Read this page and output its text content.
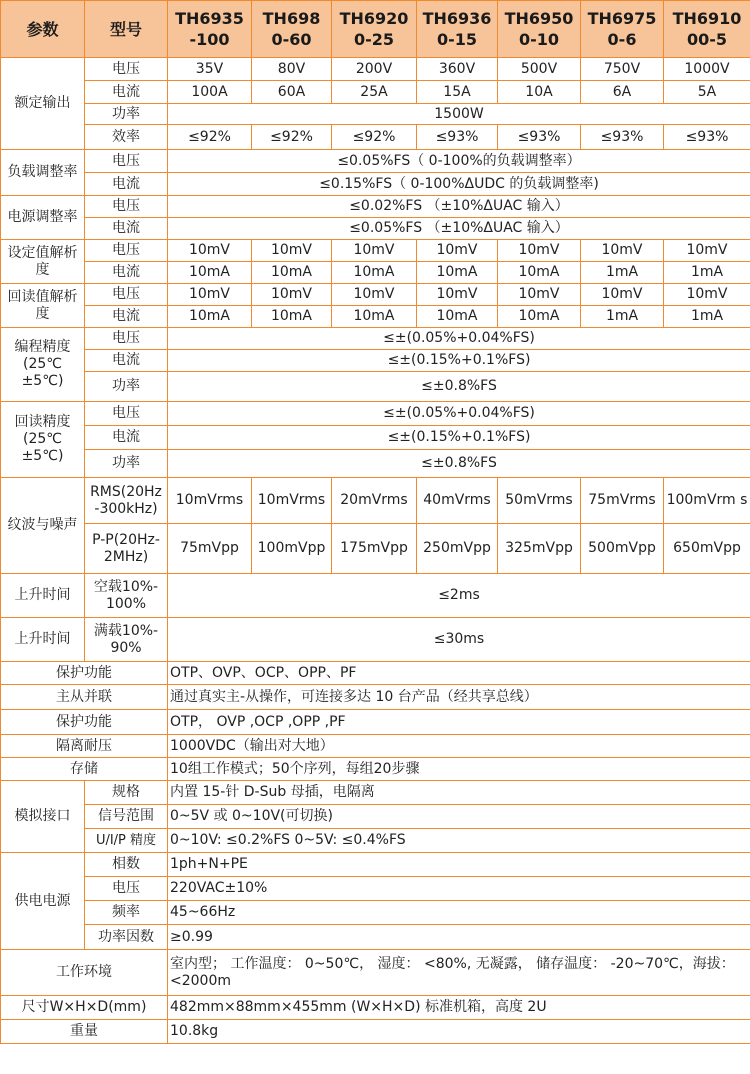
参数	型号	TH6935 -100	TH698 0-60	TH6920 0-25	TH6936 0-15	TH6950 0-10	TH6975 0-6	TH6910 00-5
额定输出	电压	35V	80V	200V	360V	500V	750V	1000V
	电流	100A	60A	25A	15A	10A	6A	5A
	功率	1500W						
	效率	≤92%	≤92%	≤92%	≤93%	≤93%	≤93%	≤93%
负载调整率	电压	≤0.05%FS（ 0-100%的负载调整率）						
	电流	≤0.15%FS（ 0-100%ΔUDC 的负载调整率)						
电源调整率	电压	≤0.02%FS （±10%ΔUAC 输入）						
	电流	≤0.05%FS （±10%ΔUAC 输入）						
设定值解析度	电压	10mV	10mV	10mV	10mV	10mV	10mV	10mV
	电流	10mA	10mA	10mA	10mA	10mA	1mA	1mA
回读值解析度	电压	10mV	10mV	10mV	10mV	10mV	10mV	10mV
	电流	10mA	10mA	10mA	10mA	10mA	1mA	1mA
编程精度 (25℃±5℃)	电压	≤±(0.05%+0.04%FS)						
	电流	≤±(0.15%+0.1%FS)						
	功率	≤±0.8%FS						
回读精度 (25℃±5℃)	电压	≤±(0.05%+0.04%FS)						
	电流	≤±(0.15%+0.1%FS)						
	功率	≤±0.8%FS						
纹波与噪声	RMS(20Hz -300kHz)	10mVrms	10mVrms	20mVrms	40mVrms	50mVrms	75mVrms	100mVrm s
	P-P(20Hz- 2MHz)	75mVpp	100mVpp	175mVpp	250mVpp	325mVpp	500mVpp	650mVpp
上升时间	空载10%- 100%	≤2ms						
上升时间	满载10%- 90%	≤30ms						
保护功能		OTP、OVP、OCP、OPP、PF						
主从并联		通过真实主-从操作，可连接多达 10 台产品（经共享总线）						
保护功能		OTP， OVP ,OCP ,OPP ,PF						
隔离耐压		1000VDC（输出对大地）						
存储		10组工作模式；50个序列，每组20步骤						
模拟接口	规格	内置 15-针 D-Sub 母插，电隔离						
	信号范围	0~5V 或 0~10V(可切换)						
	U/I/P 精度	0~10V: ≤0.2%FS 0~5V: ≤0.4%FS						
供电电源	相数	1ph+N+PE						
	电压	220VAC±10%						
	频率	45~66Hz						
	功率因数	≥0.99						
工作环境		室内型； 工作温度： 0~50℃， 湿度： <80%, 无凝露， 储存温度： -20~70℃，海拔： <2000m						
尺寸W×H×D(mm)		482mm×88mm×455mm (W×H×D) 标准机箱，高度 2U						
重量		10.8kg						
